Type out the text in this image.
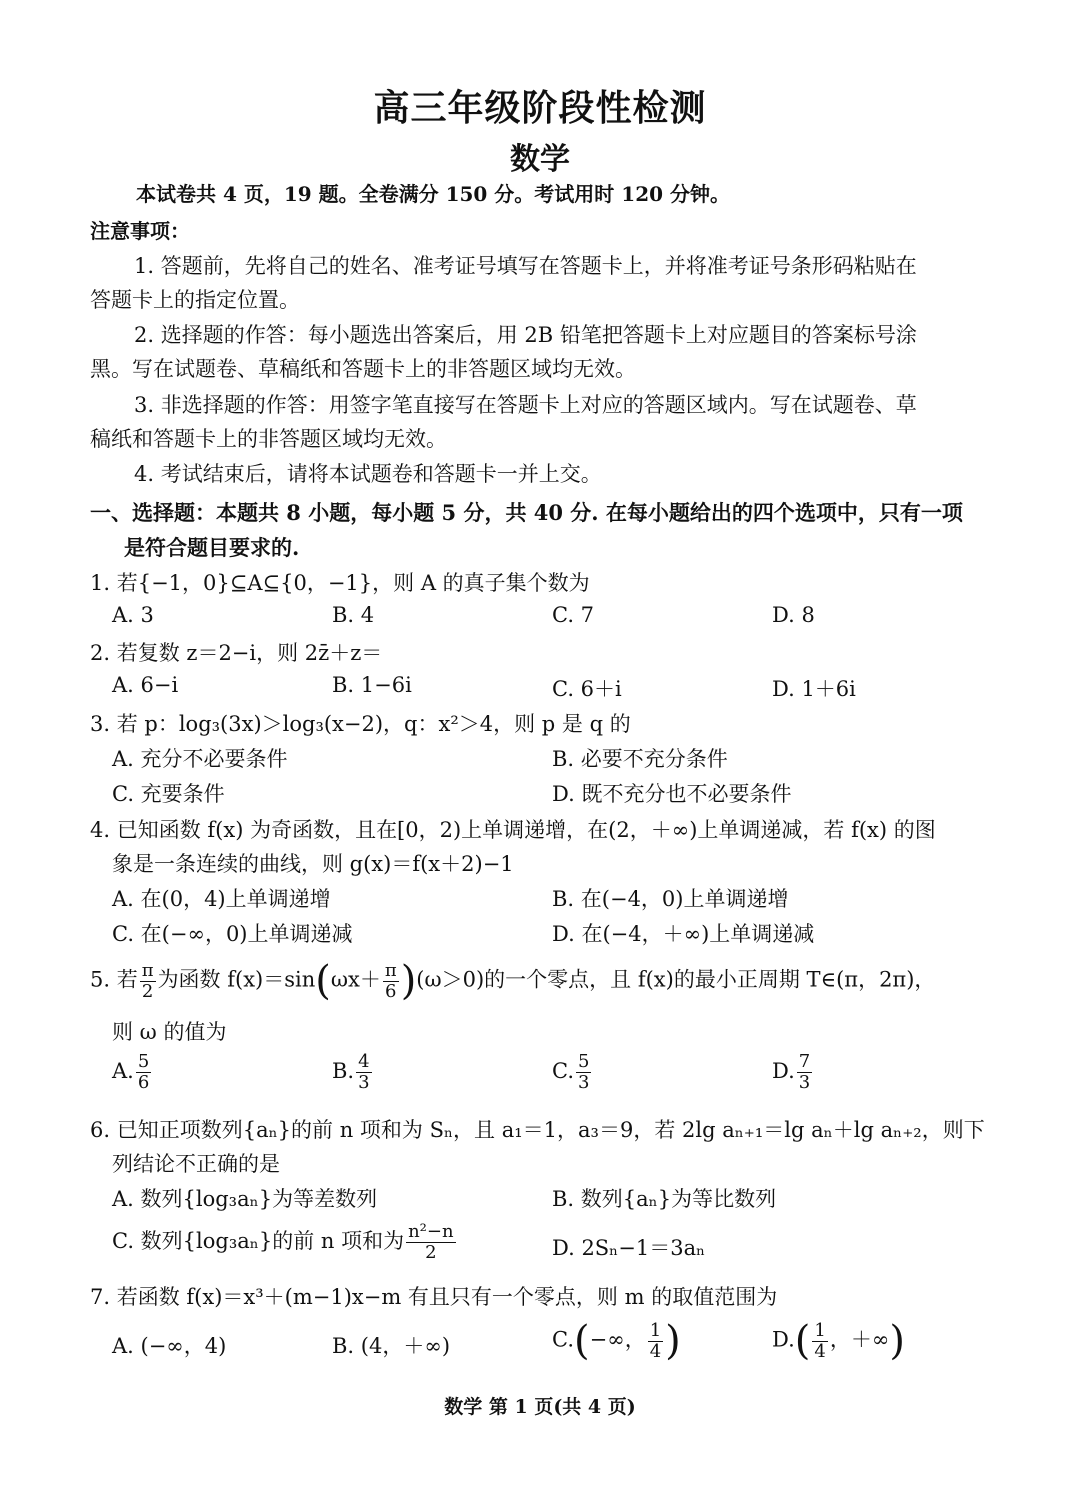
高三年级阶段性检测
数学
本试卷共 4 页，19 题。全卷满分 150 分。考试用时 120 分钟。
注意事项：
1. 答题前，先将自己的姓名、准考证号填写在答题卡上，并将准考证号条形码粘贴在
答题卡上的指定位置。
2. 选择题的作答：每小题选出答案后，用 2B 铅笔把答题卡上对应题目的答案标号涂
黑。写在试题卷、草稿纸和答题卡上的非答题区域均无效。
3. 非选择题的作答：用签字笔直接写在答题卡上对应的答题区域内。写在试题卷、草
稿纸和答题卡上的非答题区域均无效。
4. 考试结束后，请将本试题卷和答题卡一并上交。
一、选择题：本题共 8 小题，每小题 5 分，共 40 分. 在每小题给出的四个选项中，只有一项
是符合题目要求的.
1. 若{−1，0}⊆A⊆{0，−1}，则 A 的真子集个数为
A. 3	B. 4	C. 7	D. 8
2. 若复数 z＝2−i，则 2z̄＋z＝
A. 6−i	B. 1−6i	C. 6＋i	D. 1＋6i
3. 若 p：log₃(3x)＞log₃(x−2)，q：x²＞4，则 p 是 q 的
A. 充分不必要条件	B. 必要不充分条件
C. 充要条件	D. 既不充分也不必要条件
4. 已知函数 f(x) 为奇函数，且在[0，2)上单调递增，在(2，＋∞)上单调递减，若 f(x) 的图
象是一条连续的曲线，则 g(x)＝f(x＋2)−1
A. 在(0，4)上单调递增	B. 在(−4，0)上单调递增
C. 在(−∞，0)上单调递减	D. 在(−4，＋∞)上单调递减
5. 若 $\frac{\pi}{2}$ 为函数 $f(x)=\sin(\omega x+ \frac{\pi}{6} )(\omega>0)$的一个零点，且 f(x)的最小正周期 T∈(π，2π)，
则 ω 的值为
A. $\frac{5}{6}$	B. $\frac{4}{3}$	C. $\frac{5}{3}$	D. $\frac{7}{3}$
6. 已知正项数列{aₙ}的前 n 项和为 Sₙ，且 a₁＝1，a₃＝9，若 2lg aₙ₊₁＝lg aₙ＋lg aₙ₊₂，则下
列结论不正确的是
A. 数列{log₃aₙ}为等差数列	B. 数列{aₙ}为等比数列
C. 数列{log₃aₙ}的前 n 项和为 $\frac{\text{n²−n}}{2}$	D. 2Sₙ−1＝3aₙ
7. 若函数 f(x)＝x³＋(m−1)x−m 有且只有一个零点，则 m 的取值范围为
A. (−∞，4)	B. (4，＋∞)	C.(−∞， $\frac{1}{4}$ )	$D.( \frac{1}{4}$ ，＋∞)
数学 第 1 页(共 4 页)
